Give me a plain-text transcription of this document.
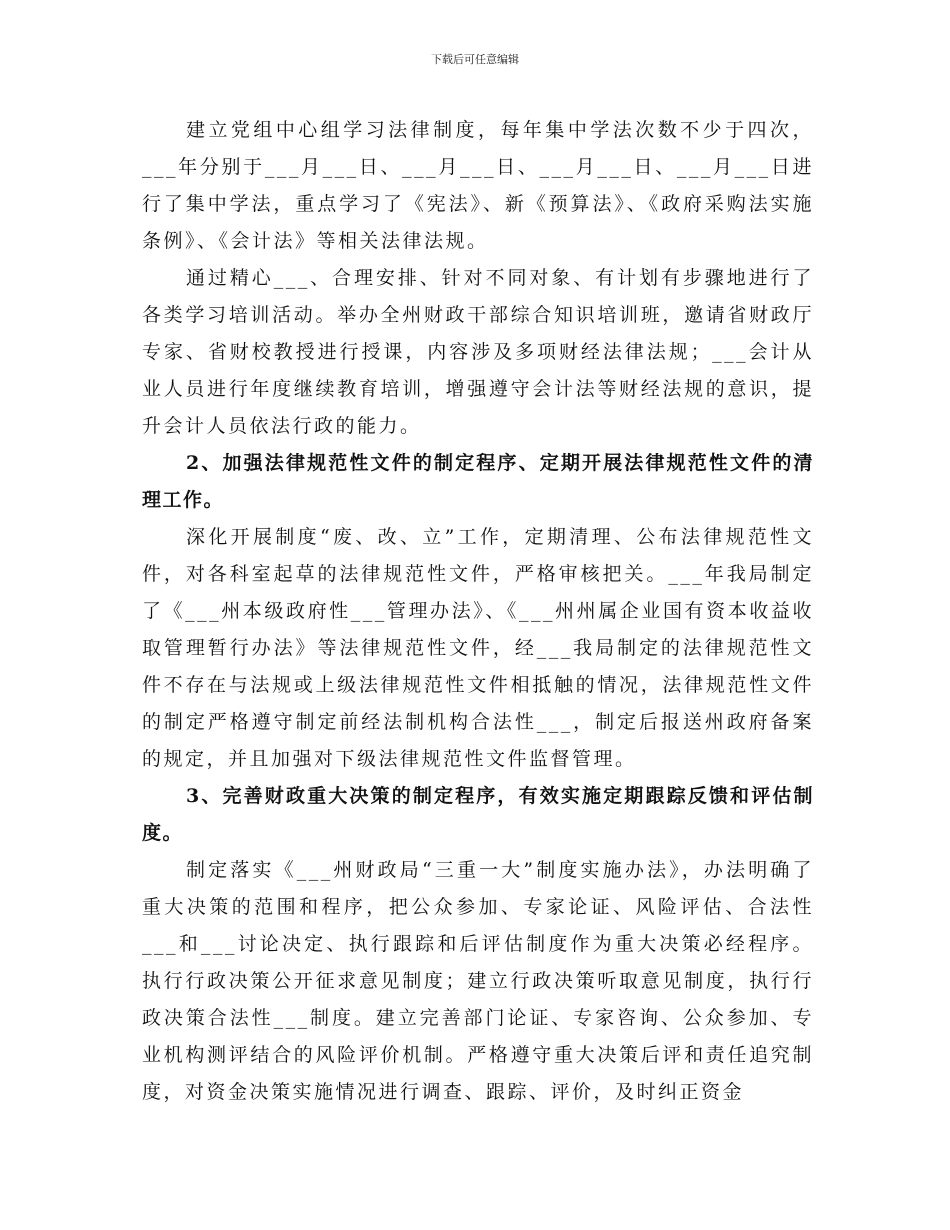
下载后可任意编辑

建立党组中心组学习法律制度，每年集中学法次数不少于四次，___年分别于___月___日、___月___日、___月___日、___月___日进行了集中学法，重点学习了《宪法》、新《预算法》、《政府采购法实施条例》、《会计法》等相关法律法规。

通过精心___、合理安排、针对不同对象、有计划有步骤地进行了各类学习培训活动。举办全州财政干部综合知识培训班，邀请省财政厅专家、省财校教授进行授课，内容涉及多项财经法律法规；___会计从业人员进行年度继续教育培训，增强遵守会计法等财经法规的意识，提升会计人员依法行政的能力。

2、加强法律规范性文件的制定程序、定期开展法律规范性文件的清理工作。

深化开展制度“废、改、立”工作，定期清理、公布法律规范性文件，对各科室起草的法律规范性文件，严格审核把关。___年我局制定了《___州本级政府性___管理办法》、《___州州属企业国有资本收益收取管理暂行办法》等法律规范性文件，经___我局制定的法律规范性文件不存在与法规或上级法律规范性文件相抵触的情况，法律规范性文件的制定严格遵守制定前经法制机构合法性___，制定后报送州政府备案的规定，并且加强对下级法律规范性文件监督管理。

3、完善财政重大决策的制定程序，有效实施定期跟踪反馈和评估制度。

制定落实《___州财政局“三重一大”制度实施办法》，办法明确了重大决策的范围和程序，把公众参加、专家论证、风险评估、合法性___和___讨论决定、执行跟踪和后评估制度作为重大决策必经程序。执行行政决策公开征求意见制度；建立行政决策听取意见制度，执行行政决策合法性___制度。建立完善部门论证、专家咨询、公众参加、专业机构测评结合的风险评价机制。严格遵守重大决策后评和责任追究制度，对资金决策实施情况进行调查、跟踪、评价，及时纠正资金
